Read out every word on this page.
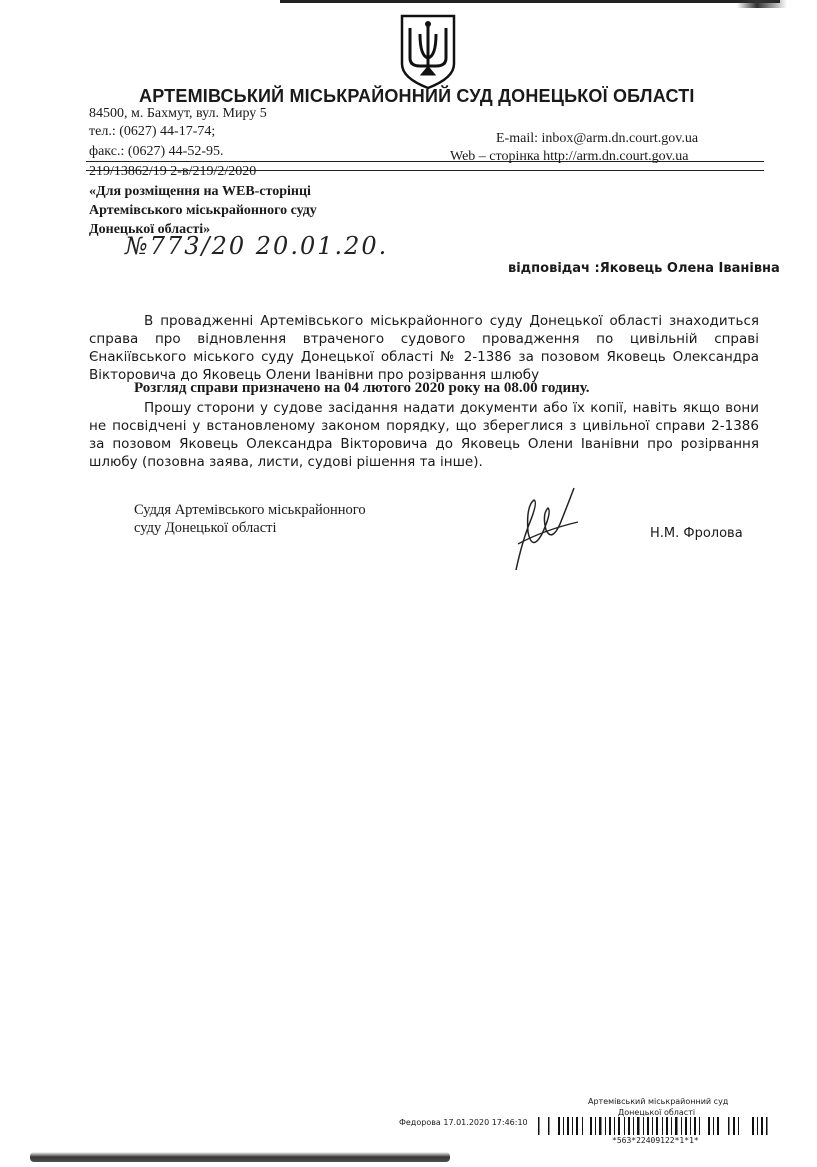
АРТЕМІВСЬКИЙ МІСЬКРАЙОННИЙ СУД ДОНЕЦЬКОЇ ОБЛАСТІ
84500, м. Бахмут, вул. Миру 5
тел.: (0627) 44-17-74;	E-mail: inbox@arm.dn.court.gov.ua
факс.: (0627) 44-52-95.	Web – сторінка http://arm.dn.court.gov.ua
219/13862/19 2-в/219/2/2020
«Для розміщення на WEB-сторінці
Артемівського міськрайонного суду
Донецької області»
№773/20 20.01.20.
відповідач :Яковець Олена Іванівна
В провадженні Артемівського міськрайонного суду Донецької області знаходиться справа про відновлення втраченого судового провадження по цивільній справі Єнакіївського міського суду Донецької області № 2-1386 за позовом Яковець Олександра Вікторовича до Яковець Олени Іванівни про розірвання шлюбу
Розгляд справи призначено на 04 лютого 2020 року на 08.00 годину.
Прошу сторони у судове засідання надати документи або їх копії, навіть якщо вони не посвідчені у встановленому законом порядку, що збереглися з цивільної справи 2-1386 за позовом Яковець Олександра Вікторовича до Яковець Олени Іванівни про розірвання шлюбу (позовна заява, листи, судові рішення та інше).
Суддя Артемівського міськрайонного
суду Донецької області	Н.М. Фролова
Артемівський міськрайонний суд
Донецької області
Федорова 17.01.2020 17:46:10
*563*22409122*1*1*
